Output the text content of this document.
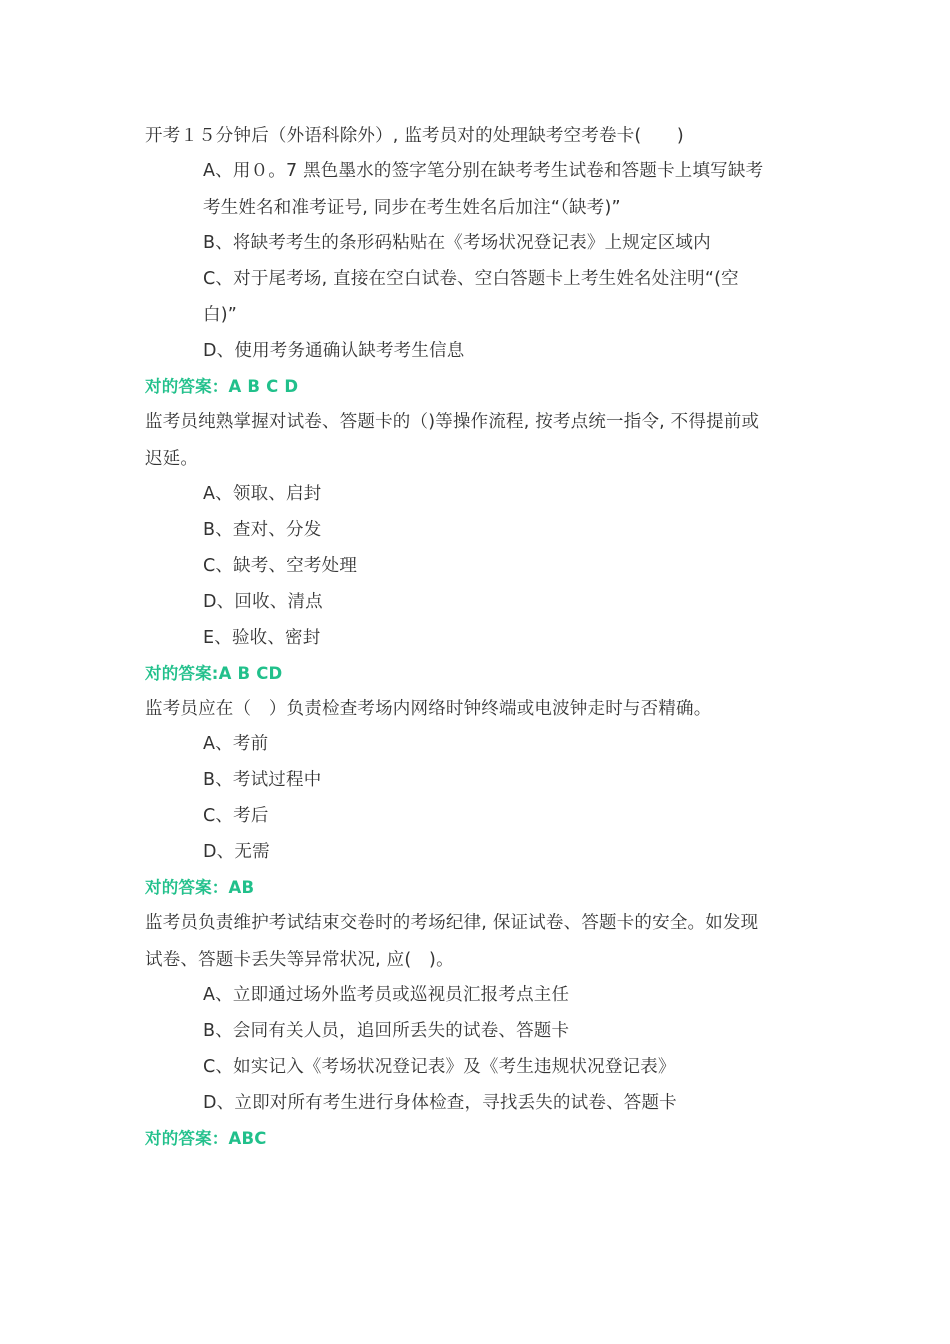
开考１５分钟后（外语科除外）, 监考员对的处理缺考空考卷卡(　　)
A、用０。7 黑色墨水的签字笔分别在缺考考生试卷和答题卡上填写缺考
考生姓名和准考证号, 同步在考生姓名后加注“（缺考)”
B、将缺考考生的条形码粘贴在《考场状况登记表》上规定区域内
C、对于尾考场, 直接在空白试卷、空白答题卡上考生姓名处注明“(空
白)”
D、使用考务通确认缺考考生信息
对的答案：A B C D
监考员纯熟掌握对试卷、答题卡的（)等操作流程, 按考点统一指令, 不得提前或
迟延。
A、领取、启封
B、查对、分发
C、缺考、空考处理
D、回收、清点
E、验收、密封
对的答案:A B CD
监考员应在（　）负责检查考场内网络时钟终端或电波钟走时与否精确。
A、考前
B、考试过程中
C、考后
D、无需
对的答案：AB
监考员负责维护考试结束交卷时的考场纪律, 保证试卷、答题卡的安全。如发现
试卷、答题卡丢失等异常状况, 应(　)。
A、立即通过场外监考员或巡视员汇报考点主任
B、会同有关人员，追回所丢失的试卷、答题卡
C、如实记入《考场状况登记表》及《考生违规状况登记表》
D、立即对所有考生进行身体检查，寻找丢失的试卷、答题卡
对的答案：ABC
